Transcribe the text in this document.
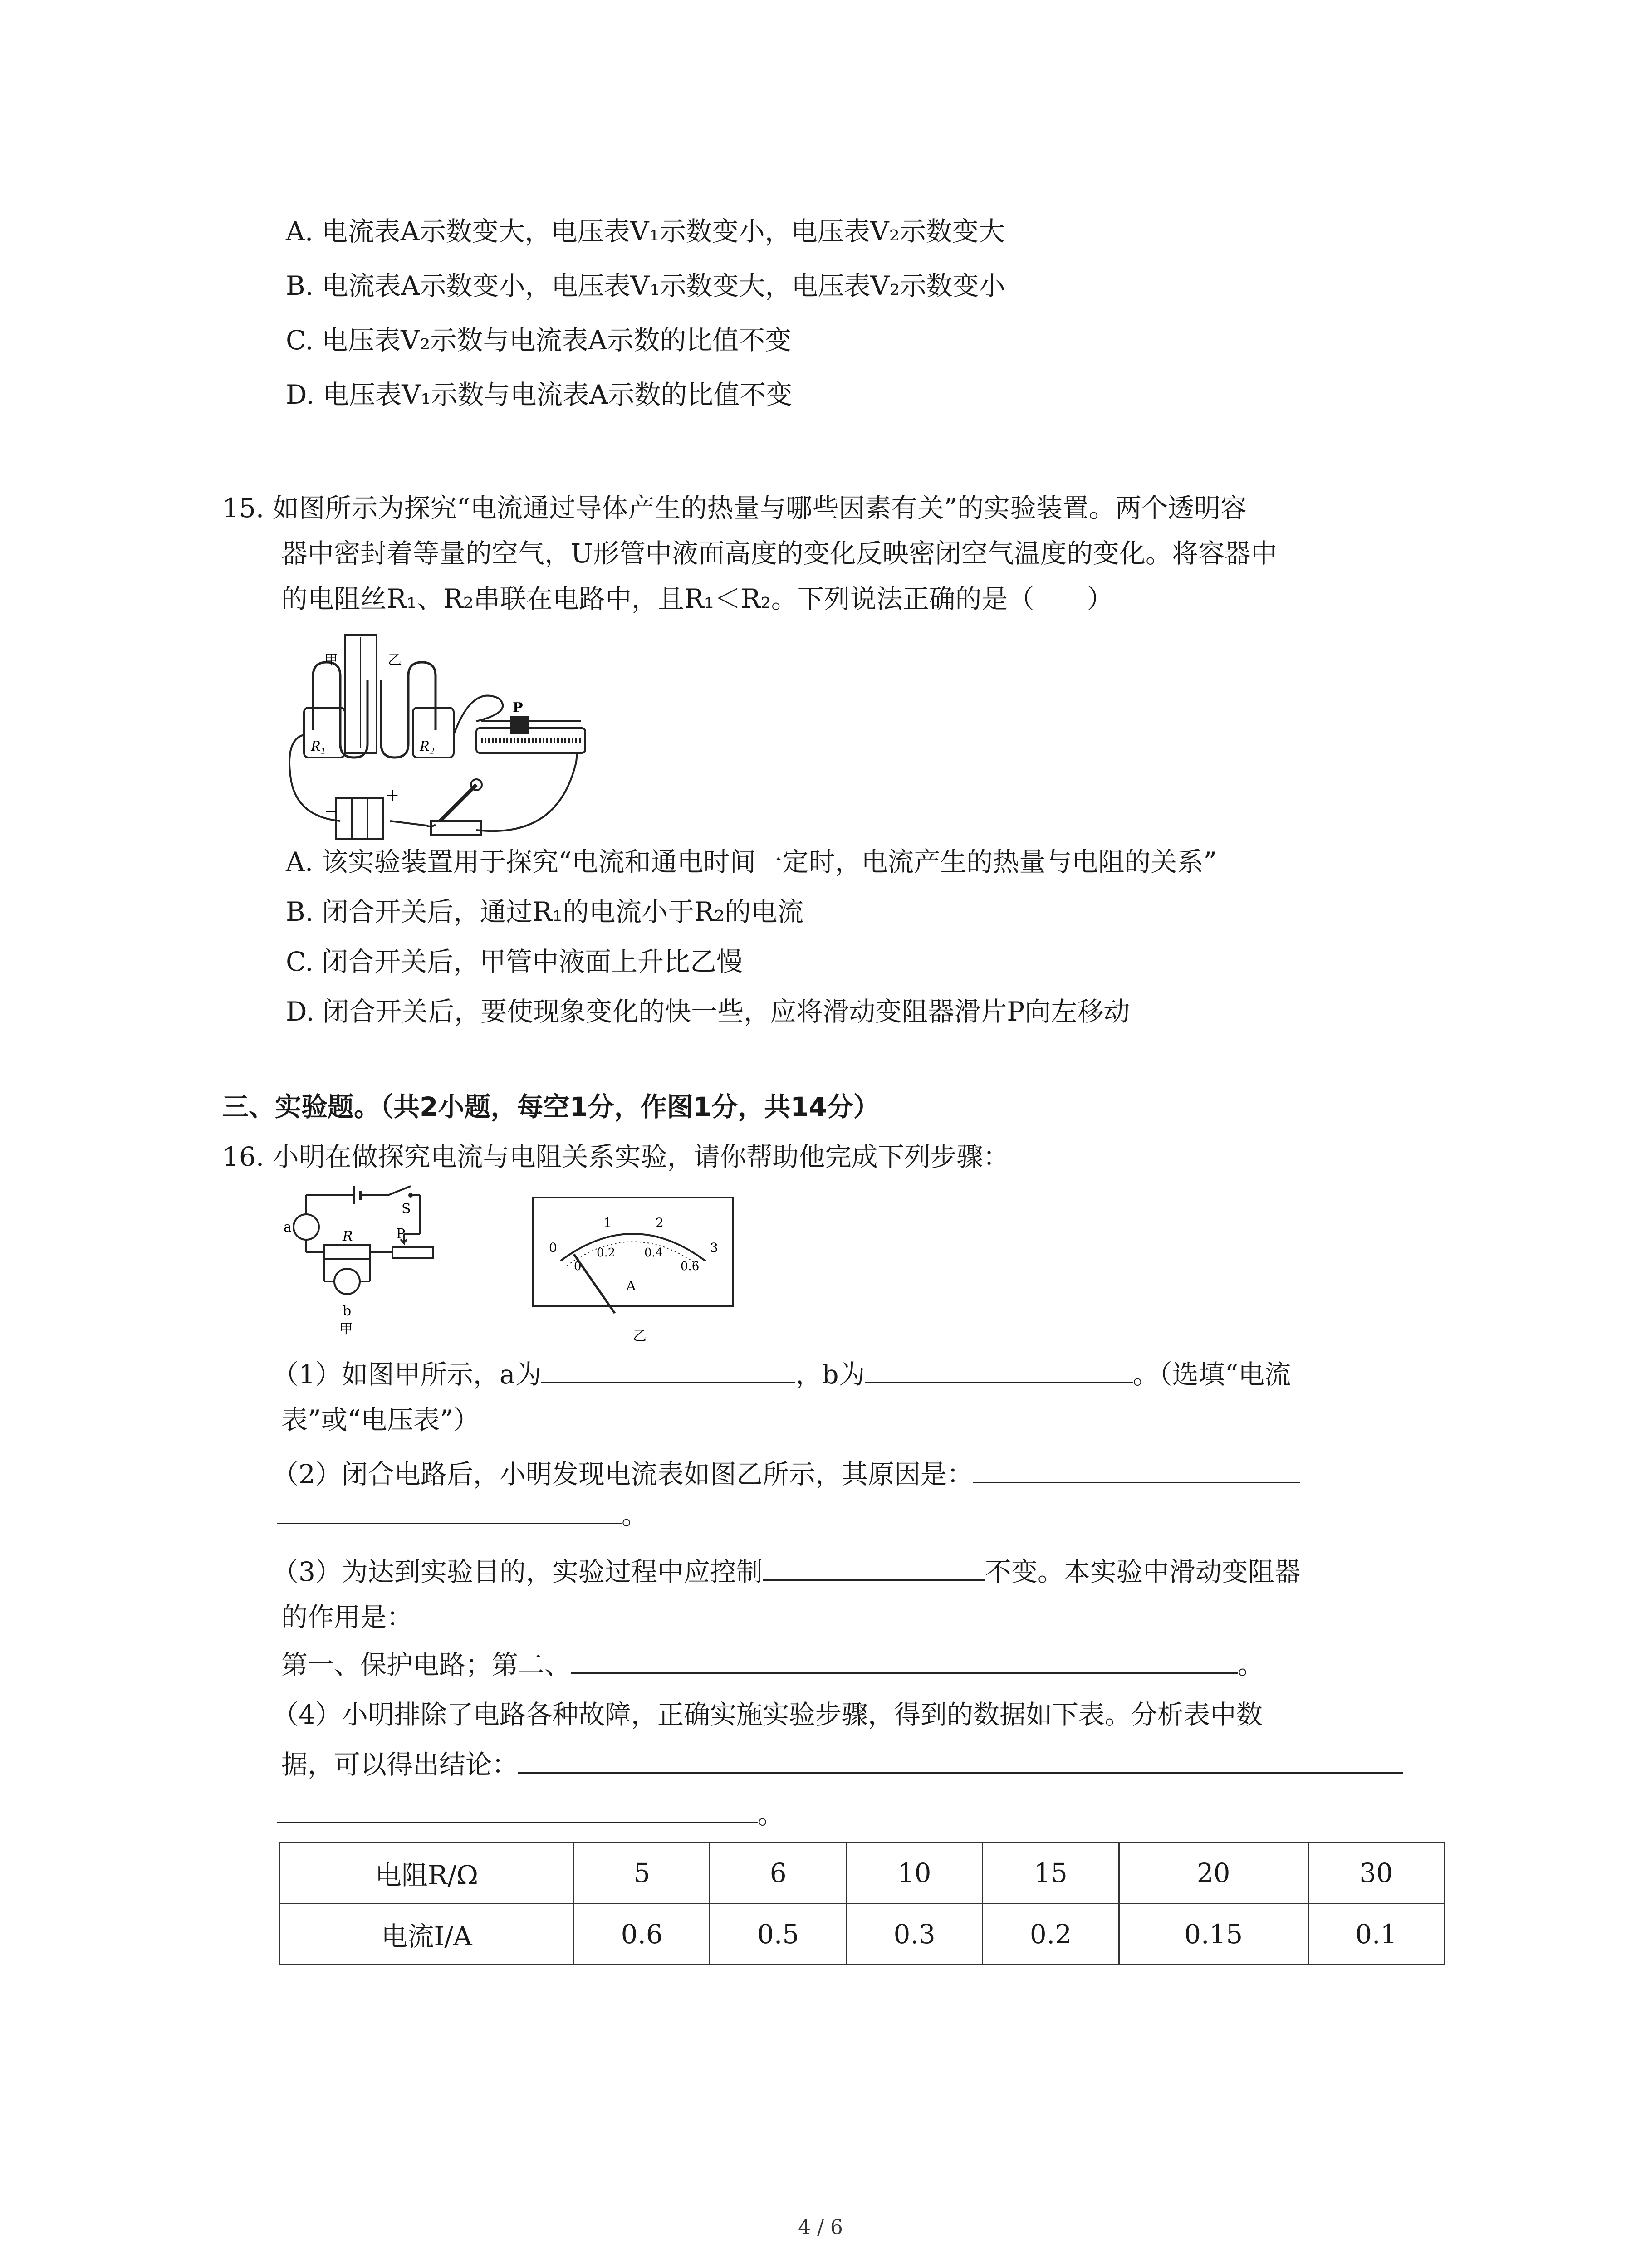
A. 电流表A示数变大，电压表V₁示数变小，电压表V₂示数变大
B. 电流表A示数变小，电压表V₁示数变大，电压表V₂示数变小
C. 电压表V₂示数与电流表A示数的比值不变
D. 电压表V₁示数与电流表A示数的比值不变
15. 如图所示为探究“电流通过导体产生的热量与哪些因素有关”的实验装置。两个透明容
器中密封着等量的空气，U形管中液面高度的变化反映密闭空气温度的变化。将容器中
的电阻丝R₁、R₂串联在电路中，且R₁＜R₂。下列说法正确的是（　　）
R₁	R₂
甲	乙
P
−
+
A. 该实验装置用于探究“电流和通电时间一定时，电流产生的热量与电阻的关系”
B. 闭合开关后，通过R₁的电流小于R₂的电流
C. 闭合开关后，甲管中液面上升比乙慢
D. 闭合开关后，要使现象变化的快一些，应将滑动变阻器滑片P向左移动
三、实验题。（共2小题，每空1分，作图1分，共14分）
16. 小明在做探究电流与电阻关系实验，请你帮助他完成下列步骤：
a
S
R	P
b
甲
0
1	2
3
0
0.2 0.4
0.6
A
乙
（1）如图甲所示，a为	，b为	。（选填“电流
表”或“电压表”）
（2）闭合电路后，小明发现电流表如图乙所示，其原因是：
。
（3）为达到实验目的，实验过程中应控制	不变。本实验中滑动变阻器
的作用是：
第一、保护电路；第二、	。
（4）小明排除了电路各种故障，正确实施实验步骤，得到的数据如下表。分析表中数
据，可以得出结论：
。
电阻R/Ω	5	6	10	15	20	30
电流I/A	0.6	0.5	0.3	0.2	0.15	0.1
4 / 6
